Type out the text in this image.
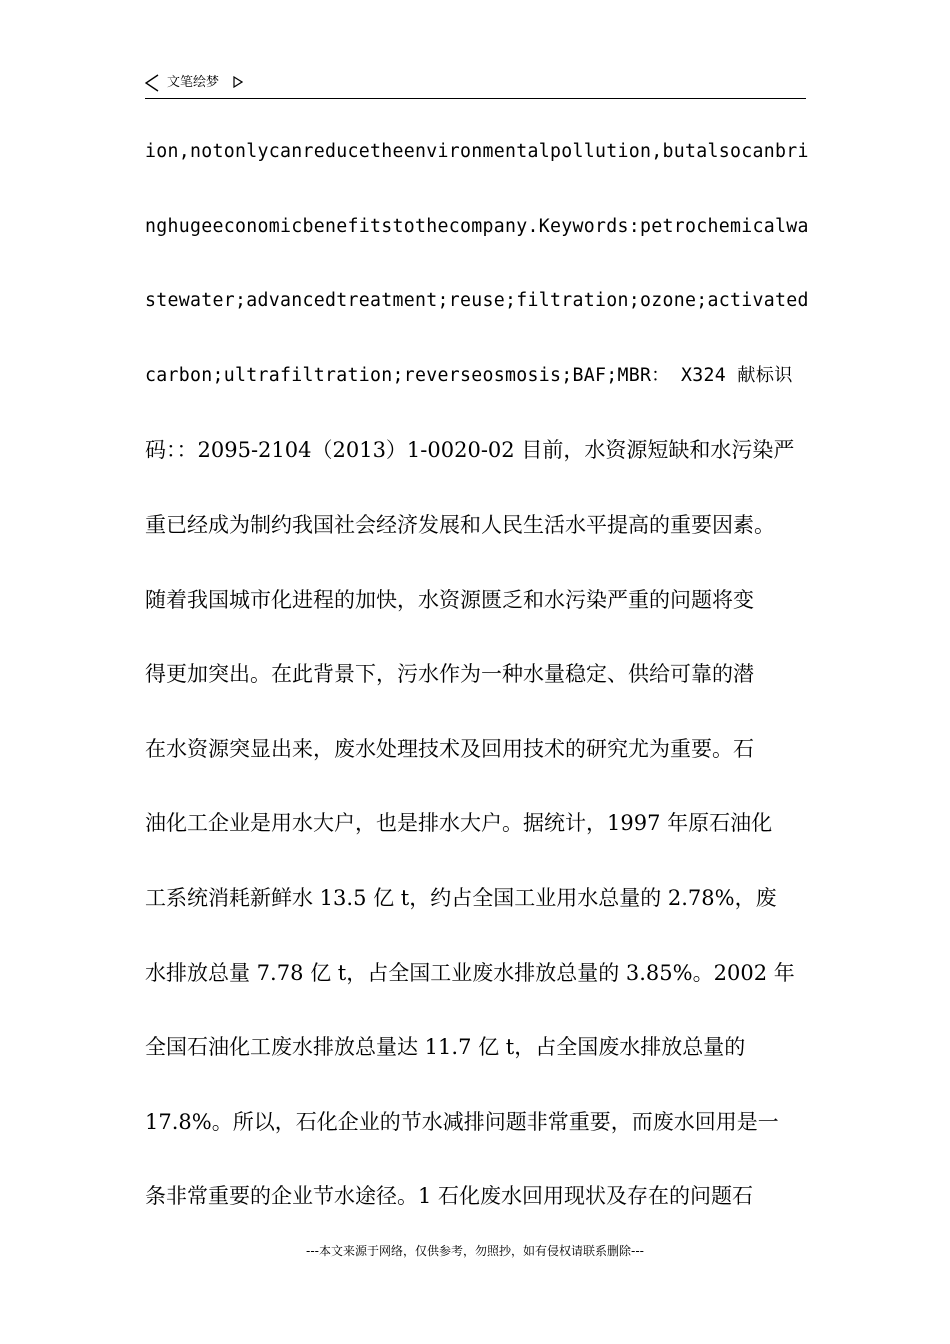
文笔绘梦
ion,notonlycanreducetheenvironmentalpollution,butalsocanbri
nghugeeconomicbenefitstothecompany.Keywords:petrochemicalwa
stewater;advancedtreatment;reuse;filtration;ozone;activated
carbon;ultrafiltration;reverseosmosis;BAF;MBR： X324 献标识
码：：2095-2104（2013）1-0020-02 目前，水资源短缺和水污染严
重已经成为制约我国社会经济发展和人民生活水平提高的重要因素。
随着我国城市化进程的加快，水资源匮乏和水污染严重的问题将变
得更加突出。在此背景下，污水作为一种水量稳定、供给可靠的潜
在水资源突显出来，废水处理技术及回用技术的研究尤为重要。石
油化工企业是用水大户，也是排水大户。据统计，1997 年原石油化
工系统消耗新鲜水 13.5 亿 t，约占全国工业用水总量的 2.78%，废
水排放总量 7.78 亿 t，占全国工业废水排放总量的 3.85%。2002 年
全国石油化工废水排放总量达 11.7 亿 t，占全国废水排放总量的
17.8%。所以，石化企业的节水减排问题非常重要，而废水回用是一
条非常重要的企业节水途径。1 石化废水回用现状及存在的问题石
---本文来源于网络，仅供参考，勿照抄，如有侵权请联系删除---
